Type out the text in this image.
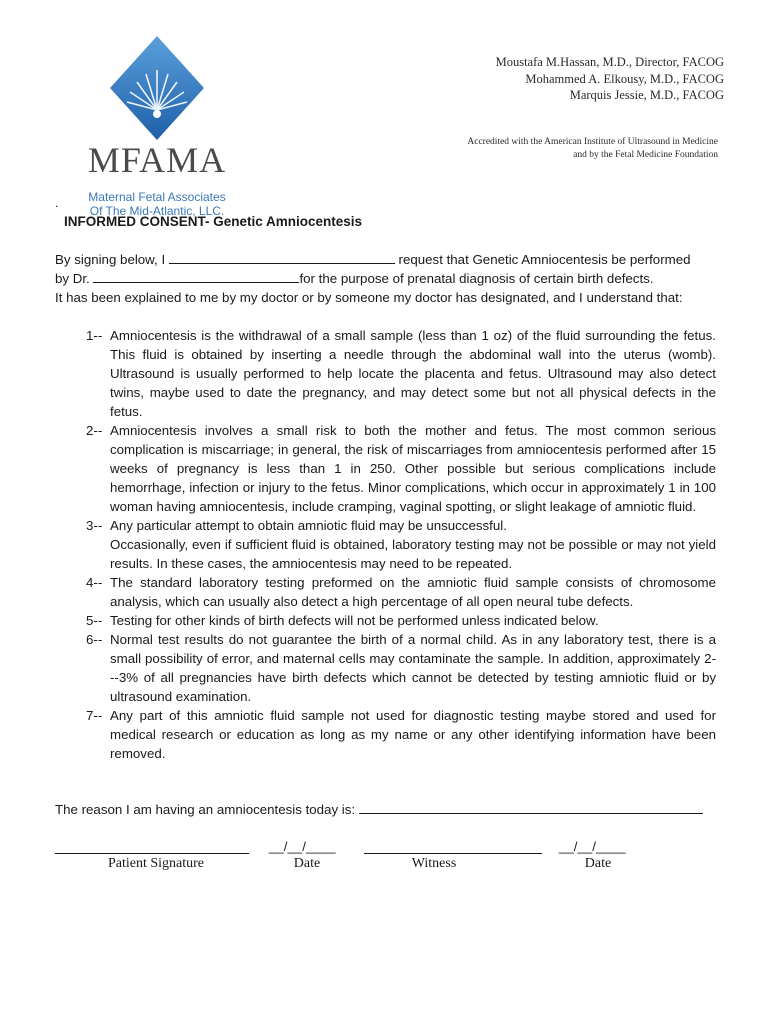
MFAMA
Maternal Fetal Associates
Of The Mid-Atlantic, LLC.
Moustafa M.Hassan, M.D., Director, FACOG
Mohammed A. Elkousy, M.D., FACOG
Marquis Jessie, M.D., FACOG
Accredited with the American Institute of Ultrasound in Medicine
and by the Fetal Medicine Foundation
.
INFORMED CONSENT- Genetic Amniocentesis
By signing below, I	request that Genetic Amniocentesis be performed
by Dr.	for the purpose of prenatal diagnosis of certain birth defects.
It has been explained to me by my doctor or by someone my doctor has designated, and I understand that:
1-- Amniocentesis is the withdrawal of a small sample (less than 1 oz) of the fluid surrounding the fetus. This fluid is obtained by inserting a needle through the abdominal wall into the uterus (womb). Ultrasound is usually performed to help locate the placenta and fetus. Ultrasound may also detect twins, maybe used to date the pregnancy, and may detect some but not all physical defects in the fetus.
2-- Amniocentesis involves a small risk to both the mother and fetus. The most common serious complication is miscarriage; in general, the risk of miscarriages from amniocentesis performed after 15 weeks of pregnancy is less than 1 in 250. Other possible but serious complications include hemorrhage, infection or injury to the fetus. Minor complications, which occur in approximately 1 in 100 woman having amniocentesis, include cramping, vaginal spotting, or slight leakage of amniotic fluid.
3-- Any particular attempt to obtain amniotic fluid may be unsuccessful.
Occasionally, even if sufficient fluid is obtained, laboratory testing may not be possible or may not yield results. In these cases, the amniocentesis may need to be repeated.
4-- The standard laboratory testing preformed on the amniotic fluid sample consists of chromosome analysis, which can usually also detect a high percentage of all open neural tube defects.
5-- Testing for other kinds of birth defects will not be performed unless indicated below.
6-- Normal test results do not guarantee the birth of a normal child. As in any laboratory test, there is a small possibility of error, and maternal cells may contaminate the sample. In addition, approximately 2---3% of all pregnancies have birth defects which cannot be detected by testing amniotic fluid or by ultrasound examination.
7-- Any part of this amniotic fluid sample not used for diagnostic testing maybe stored and used for medical research or education as long as my name or any other identifying information have been removed.
The reason I am having an amniocentesis today is:
__/__/____	__/__/____
Patient Signature	Date	Witness	Date
